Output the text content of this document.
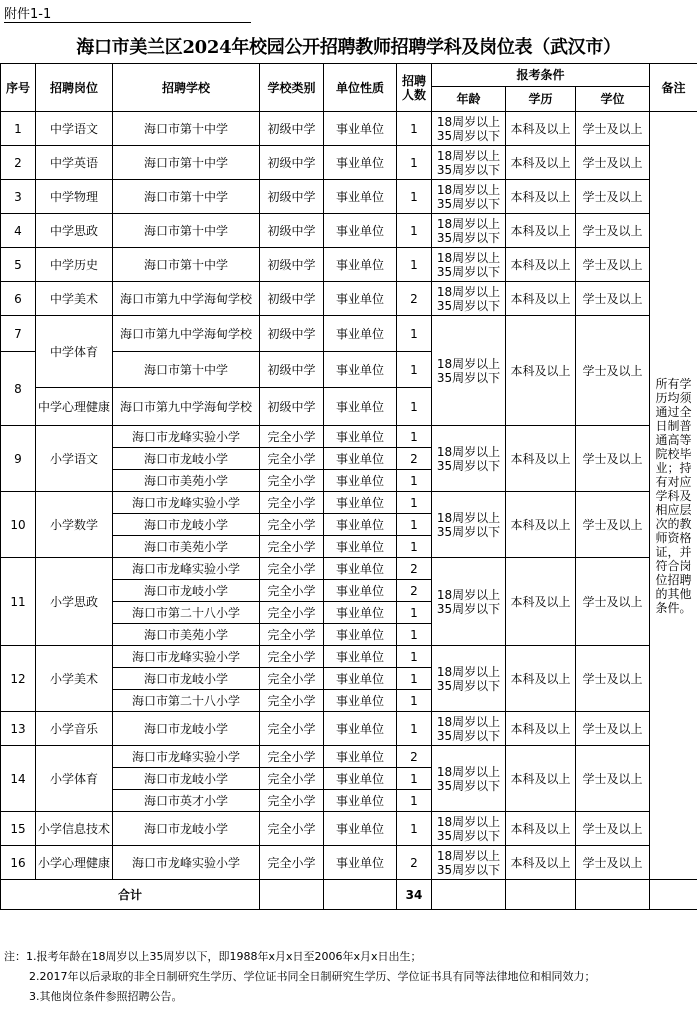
附件1-1
海口市美兰区2024年校园公开招聘教师招聘学科及岗位表（武汉市）
序号	招聘岗位	招聘学校	学校类别	单位性质	招聘人数	报考条件			备注
						年龄	学历	学位	
1	中学语文	海口市第十中学	初级中学	事业单位	1	18周岁以上35周岁以下	本科及以上	学士及以上	所有学历均须通过全日制普通高等院校毕业；持有对应学科及相应层次的教师资格证，并符合岗位招聘的其他条件。
2	中学英语	海口市第十中学	初级中学	事业单位	1	18周岁以上35周岁以下	本科及以上	学士及以上	
3	中学物理	海口市第十中学	初级中学	事业单位	1	18周岁以上35周岁以下	本科及以上	学士及以上	
4	中学思政	海口市第十中学	初级中学	事业单位	1	18周岁以上35周岁以下	本科及以上	学士及以上	
5	中学历史	海口市第十中学	初级中学	事业单位	1	18周岁以上35周岁以下	本科及以上	学士及以上	
6	中学美术	海口市第九中学海甸学校	初级中学	事业单位	2	18周岁以上35周岁以下	本科及以上	学士及以上	
7	中学体育	海口市第九中学海甸学校	初级中学	事业单位	1	18周岁以上35周岁以下	本科及以上	学士及以上	
8		海口市第十中学	初级中学	事业单位	1				
	中学心理健康	海口市第九中学海甸学校	初级中学	事业单位	1				
9	小学语文	海口市龙峰实验小学	完全小学	事业单位	1	18周岁以上35周岁以下	本科及以上	学士及以上	
		海口市龙岐小学	完全小学	事业单位	2				
		海口市美苑小学	完全小学	事业单位	1				
10	小学数学	海口市龙峰实验小学	完全小学	事业单位	1	18周岁以上35周岁以下	本科及以上	学士及以上	
		海口市龙岐小学	完全小学	事业单位	1				
		海口市美苑小学	完全小学	事业单位	1				
11	小学思政	海口市龙峰实验小学	完全小学	事业单位	2	18周岁以上35周岁以下	本科及以上	学士及以上	
		海口市龙岐小学	完全小学	事业单位	2				
		海口市第二十八小学	完全小学	事业单位	1				
		海口市美苑小学	完全小学	事业单位	1				
12	小学美术	海口市龙峰实验小学	完全小学	事业单位	1	18周岁以上35周岁以下	本科及以上	学士及以上	
		海口市龙岐小学	完全小学	事业单位	1				
		海口市第二十八小学	完全小学	事业单位	1				
13	小学音乐	海口市龙岐小学	完全小学	事业单位	1	18周岁以上35周岁以下	本科及以上	学士及以上	
14	小学体育	海口市龙峰实验小学	完全小学	事业单位	2	18周岁以上35周岁以下	本科及以上	学士及以上	
		海口市龙岐小学	完全小学	事业单位	1				
		海口市英才小学	完全小学	事业单位	1				
15	小学信息技术	海口市龙岐小学	完全小学	事业单位	1	18周岁以上35周岁以下	本科及以上	学士及以上	
16	小学心理健康	海口市龙峰实验小学	完全小学	事业单位	2	18周岁以上35周岁以下	本科及以上	学士及以上	
合计					34				
注：1.报考年龄在18周岁以上35周岁以下，即1988年x月x日至2006年x月x日出生；
2.2017年以后录取的非全日制研究生学历、学位证书同全日制研究生学历、学位证书具有同等法律地位和相同效力；
3.其他岗位条件参照招聘公告。
